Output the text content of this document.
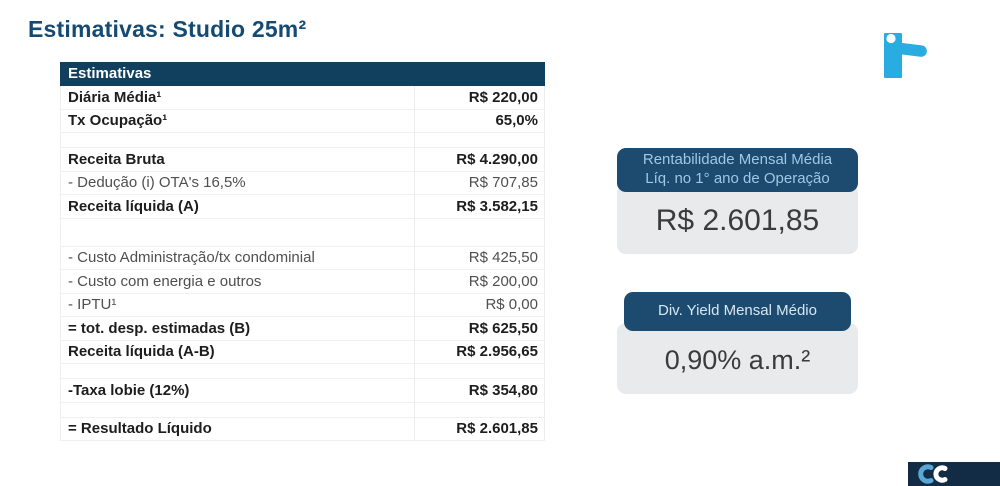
Estimativas: Studio 25m²
Estimativas
Diária Média¹	R$ 220,00
Tx Ocupação¹	65,0%
Receita Bruta	R$ 4.290,00
- Dedução (i) OTA's 16,5%	R$ 707,85
Receita líquida (A)	R$ 3.582,15
- Custo Administração/tx condominial	R$ 425,50
- Custo com energia e outros	R$ 200,00
- IPTU¹	R$ 0,00
= tot. desp. estimadas (B)	R$ 625,50
Receita líquida (A-B)	R$ 2.956,65
-Taxa lobie (12%)	R$ 354,80
= Resultado Líquido	R$ 2.601,85
Rentabilidade Mensal Média
Líq. no 1° ano de Operação
R$ 2.601,85
Div. Yield Mensal Médio
0,90% a.m.²
